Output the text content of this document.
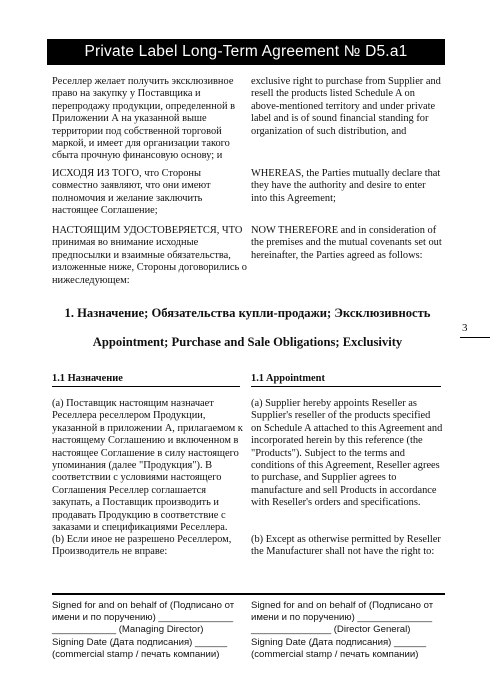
Private Label Long-Term Agreement № D5.a1
Реселлер желает получить эксклюзивное право на закупку у Поставщика и перепродажу продукции, определенной в Приложении А на указанной выше территории под собственной торговой маркой, и имеет для организации такого сбыта прочную финансовую основу; и
exclusive right to purchase from Supplier and resell the products listed Schedule A on above-mentioned territory and under private label and is of sound financial standing for organization of such distribution, and
ИСХОДЯ ИЗ ТОГО, что Стороны совместно заявляют, что они имеют полномочия и желание заключить настоящее Соглашение;
WHEREAS, the Parties mutually declare that they have the authority and desire to enter into this Agreement;
НАСТОЯЩИМ УДОСТОВЕРЯЕТСЯ, ЧТО принимая во внимание исходные предпосылки и взаимные обязательства, изложенные ниже, Стороны договорились о нижеследующем:
NOW THEREFORE and in consideration of the premises and the mutual covenants set out hereinafter, the Parties agreed as follows:
1. Назначение; Обязательства купли-продажи; Эксклюзивность
Appointment; Purchase and Sale Obligations; Exclusivity
3
1.1 Назначение	1.1 Appointment
(a) Поставщик настоящим назначает Реселлера реселлером Продукции, указанной в приложении А, прилагаемом к настоящему Соглашению и включенном в настоящее Соглашение в силу настоящего упоминания (далее "Продукция"). В соответствии с условиями настоящего Соглашения Реселлер соглашается закупать, а Поставщик производить и продавать Продукцию в соответствие с заказами и спецификациями Реселлера.
(a) Supplier hereby appoints Reseller as Supplier's reseller of the products specified on Schedule A attached to this Agreement and incorporated herein by this reference (the "Products"). Subject to the terms and conditions of this Agreement, Reseller agrees to purchase, and Supplier agrees to manufacture and sell Products in accordance with Reseller's orders and specifications.
(b) Если иное не разрешено Реселлером, Производитель не вправе:
(b) Except as otherwise permitted by Reseller the Manufacturer shall not have the right to:
Signed for and on behalf of (Подписано от
имени и по поручению) ______________
____________ (Managing Director)
Signing Date (Дата подписания) ______
(commercial stamp / печать компании)
Signed for and on behalf of (Подписано от
имени и по поручению) ______________
_______________ (Director General)
Signing Date (Дата подписания) ______
(commercial stamp / печать компании)
